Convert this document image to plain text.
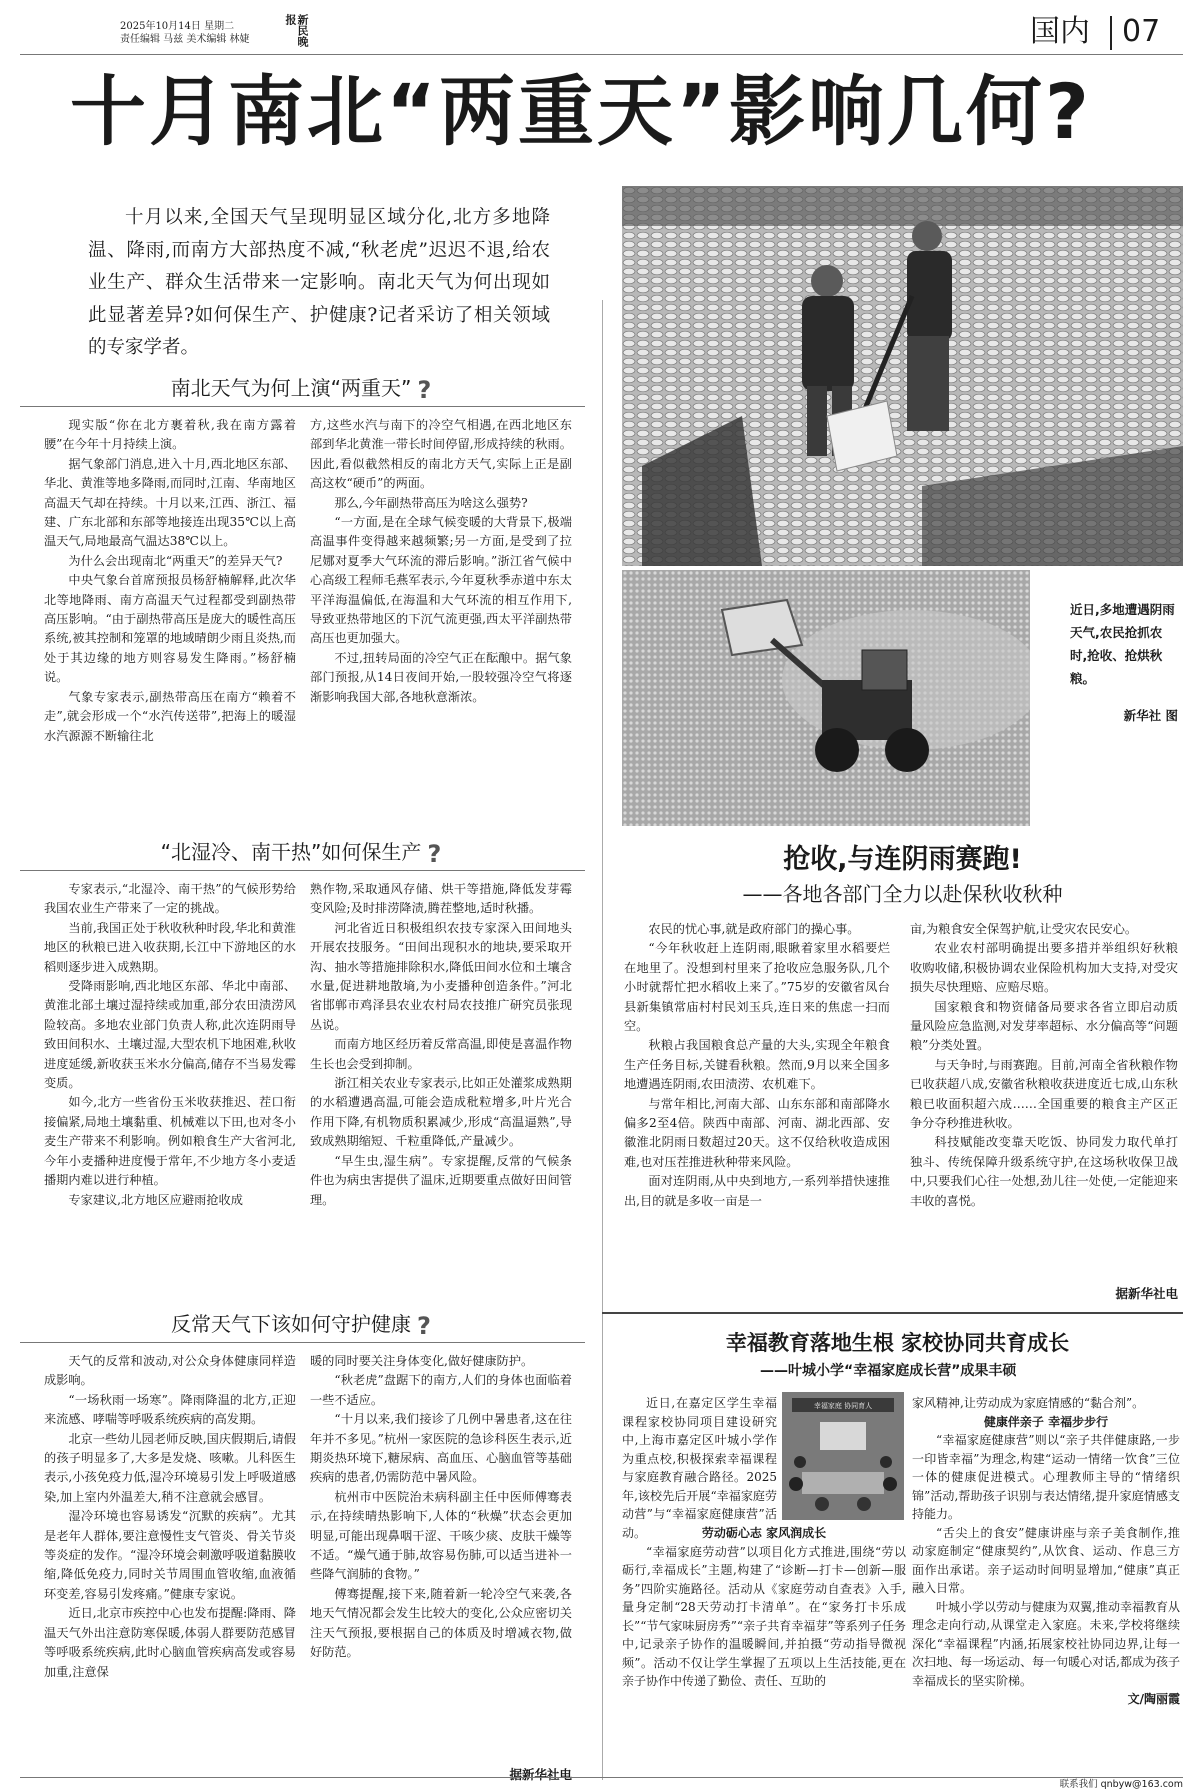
2025年10月14日 星期二
责任编辑 马兹 美术编辑 林婕	新民晚报	国内 07
十月南北“两重天”影响几何?
十月以来,全国天气呈现明显区域分化,北方多地降温、降雨,而南方大部热度不减,“秋老虎”迟迟不退,给农业生产、群众生活带来一定影响。南北天气为何出现如此显著差异?如何保生产、护健康?记者采访了相关领域的专家学者。
南北天气为何上演“两重天” ?

现实版“你在北方裹着秋,我在南方露着腰”在今年十月持续上演。

据气象部门消息,进入十月,西北地区东部、华北、黄淮等地多降雨,而同时,江南、华南地区高温天气却在持续。十月以来,江西、浙江、福建、广东北部和东部等地接连出现35℃以上高温天气,局地最高气温达38℃以上。

为什么会出现南北“两重天”的差异天气?

中央气象台首席预报员杨舒楠解释,此次华北等地降雨、南方高温天气过程都受到副热带高压影响。“由于副热带高压是庞大的暖性高压系统,被其控制和笼罩的地域晴朗少雨且炎热,而处于其边缘的地方则容易发生降雨。”杨舒楠说。

气象专家表示,副热带高压在南方“赖着不走”,就会形成一个“水汽传送带”,把海上的暖湿水汽源源不断输往北

方,这些水汽与南下的冷空气相遇,在西北地区东部到华北黄淮一带长时间停留,形成持续的秋雨。因此,看似截然相反的南北方天气,实际上正是副高这枚“硬币”的两面。

那么,今年副热带高压为啥这么强势?

“一方面,是在全球气候变暖的大背景下,极端高温事件变得越来越频繁;另一方面,是受到了拉尼娜对夏季大气环流的滞后影响。”浙江省气候中心高级工程师毛燕军表示,今年夏秋季赤道中东太平洋海温偏低,在海温和大气环流的相互作用下,导致亚热带地区的下沉气流更强,西太平洋副热带高压也更加强大。

不过,扭转局面的冷空气正在酝酿中。据气象部门预报,从14日夜间开始,一股较强冷空气将逐渐影响我国大部,各地秋意渐浓。

“北湿冷、南干热”如何保生产 ?

专家表示,“北湿冷、南干热”的气候形势给我国农业生产带来了一定的挑战。

当前,我国正处于秋收秋种时段,华北和黄淮地区的秋粮已进入收获期,长江中下游地区的水稻则逐步进入成熟期。

受降雨影响,西北地区东部、华北中南部、黄淮北部土壤过湿持续或加重,部分农田渍涝风险较高。多地农业部门负责人称,此次连阴雨导致田间积水、土壤过湿,大型农机下地困难,秋收进度延缓,新收获玉米水分偏高,储存不当易发霉变质。

如今,北方一些省份玉米收获推迟、茬口衔接偏紧,局地土壤黏重、机械难以下田,也对冬小麦生产带来不利影响。例如粮食生产大省河北,今年小麦播种进度慢于常年,不少地方冬小麦适播期内难以进行种植。

专家建议,北方地区应避雨抢收成

熟作物,采取通风存储、烘干等措施,降低发芽霉变风险;及时排涝降渍,腾茬整地,适时秋播。

河北省近日积极组织农技专家深入田间地头开展农技服务。“田间出现积水的地块,要采取开沟、抽水等措施排除积水,降低田间水位和土壤含水量,促进耕地散墒,为小麦播种创造条件。”河北省邯郸市鸡泽县农业农村局农技推广研究员张现丛说。

而南方地区经历着反常高温,即使是喜温作物生长也会受到抑制。

浙江相关农业专家表示,比如正处灌浆成熟期的水稻遭遇高温,可能会造成秕粒增多,叶片光合作用下降,有机物质积累减少,形成“高温逼熟”,导致成熟期缩短、千粒重降低,产量减少。

“早生虫,湿生病”。专家提醒,反常的气候条件也为病虫害提供了温床,近期要重点做好田间管理。

反常天气下该如何守护健康 ?

天气的反常和波动,对公众身体健康同样造成影响。

“一场秋雨一场寒”。降雨降温的北方,正迎来流感、哮喘等呼吸系统疾病的高发期。

北京一些幼儿园老师反映,国庆假期后,请假的孩子明显多了,大多是发烧、咳嗽。儿科医生表示,小孩免疫力低,湿冷环境易引发上呼吸道感染,加上室内外温差大,稍不注意就会感冒。

湿冷环境也容易诱发“沉默的疾病”。尤其是老年人群体,要注意慢性支气管炎、骨关节炎等炎症的发作。“湿冷环境会刺激呼吸道黏膜收缩,降低免疫力,同时关节周围血管收缩,血液循环变差,容易引发疼痛。”健康专家说。

近日,北京市疾控中心也发布提醒:降雨、降温天气外出注意防寒保暖,体弱人群要防范感冒等呼吸系统疾病,此时心脑血管疾病高发或容易加重,注意保

暖的同时要关注身体变化,做好健康防护。

“秋老虎”盘踞下的南方,人们的身体也面临着一些不适应。

“十月以来,我们接诊了几例中暑患者,这在往年并不多见。”杭州一家医院的急诊科医生表示,近期炎热环境下,糖尿病、高血压、心脑血管等基础疾病的患者,仍需防范中暑风险。

杭州市中医院治未病科副主任中医师傅骞表示,在持续晴热影响下,人体的“秋燥”状态会更加明显,可能出现鼻咽干涩、干咳少痰、皮肤干燥等不适。“燥气通于肺,故容易伤肺,可以适当进补一些降气润肺的食物。”

傅骞提醒,接下来,随着新一轮冷空气来袭,各地天气情况都会发生比较大的变化,公众应密切关注天气预报,要根据自己的体质及时增减衣物,做好防范。

据新华社电

近日,多地遭遇阴雨天气,农民抢抓农时,抢收、抢烘秋粮。

新华社 图

抢收,与连阴雨赛跑!
——各地各部门全力以赴保秋收秋种

农民的忧心事,就是政府部门的操心事。

“今年秋收赶上连阴雨,眼瞅着家里水稻要烂在地里了。没想到村里来了抢收应急服务队,几个小时就帮忙把水稻收上来了。”75岁的安徽省凤台县新集镇常庙村村民刘玉兵,连日来的焦虑一扫而空。

秋粮占我国粮食总产量的大头,实现全年粮食生产任务目标,关键看秋粮。然而,9月以来全国多地遭遇连阴雨,农田渍涝、农机难下。

与常年相比,河南大部、山东东部和南部降水偏多2至4倍。陕西中南部、河南、湖北西部、安徽淮北阴雨日数超过20天。这不仅给秋收造成困难,也对压茬推进秋种带来风险。

面对连阴雨,从中央到地方,一系列举措快速推出,目的就是多收一亩是一

亩,为粮食安全保驾护航,让受灾农民安心。

农业农村部明确提出要多措并举组织好秋粮收购收储,积极协调农业保险机构加大支持,对受灾损失尽快理赔、应赔尽赔。

国家粮食和物资储备局要求各省立即启动质量风险应急监测,对发芽率超标、水分偏高等“问题粮”分类处置。

与天争时,与雨赛跑。目前,河南全省秋粮作物已收获超八成,安徽省秋粮收获进度近七成,山东秋粮已收面积超六成……全国重要的粮食主产区正争分夺秒推进秋收。

科技赋能改变靠天吃饭、协同发力取代单打独斗、传统保障升级系统守护,在这场秋收保卫战中,只要我们心往一处想,劲儿往一处使,一定能迎来丰收的喜悦。

据新华社电
幸福教育落地生根 家校协同共育成长
——叶城小学“幸福家庭成长营”成果丰硕

近日,在嘉定区学生幸福课程家校协同项目建设研究中,上海市嘉定区叶城小学作为重点校,积极探索幸福课程与家庭教育融合路径。2025年,该校先后开展“幸福家庭劳动营”与“幸福家庭健康营”活动。

幸福家庭 协同育人

劳动砺心志 家风润成长

“幸福家庭劳动营”以项目化方式推进,围绕“劳以砺行,幸福成长”主题,构建了“诊断—打卡—创新—服务”四阶实施路径。活动从《家庭劳动自查表》入手,量身定制“28天劳动打卡清单”。在“家务打卡乐成长”“节气家味厨房秀”“亲子共育幸福芽”等系列子任务中,记录亲子协作的温暖瞬间,并拍摄“劳动指导微视频”。活动不仅让学生掌握了五项以上生活技能,更在亲子协作中传递了勤俭、责任、互助的

家风精神,让劳动成为家庭情感的“黏合剂”。

健康伴亲子 幸福步步行

“幸福家庭健康营”则以“亲子共伴健康路,一步一印皆幸福”为理念,构建“运动一情绪一饮食”三位一体的健康促进模式。心理教师主导的“情绪织锦”活动,帮助孩子识别与表达情绪,提升家庭情感支持能力。

“舌尖上的食安”健康讲座与亲子美食制作,推动家庭制定“健康契约”,从饮食、运动、作息三方面作出承诺。亲子运动时间明显增加,“健康”真正融入日常。

叶城小学以劳动与健康为双翼,推动幸福教育从理念走向行动,从课堂走入家庭。未来,学校将继续深化“幸福课程”内涵,拓展家校社协同边界,让每一次扫地、每一场运动、每一句暖心对话,都成为孩子幸福成长的坚实阶梯。

文/陶丽霞

联系我们 qnbyw@163.com
